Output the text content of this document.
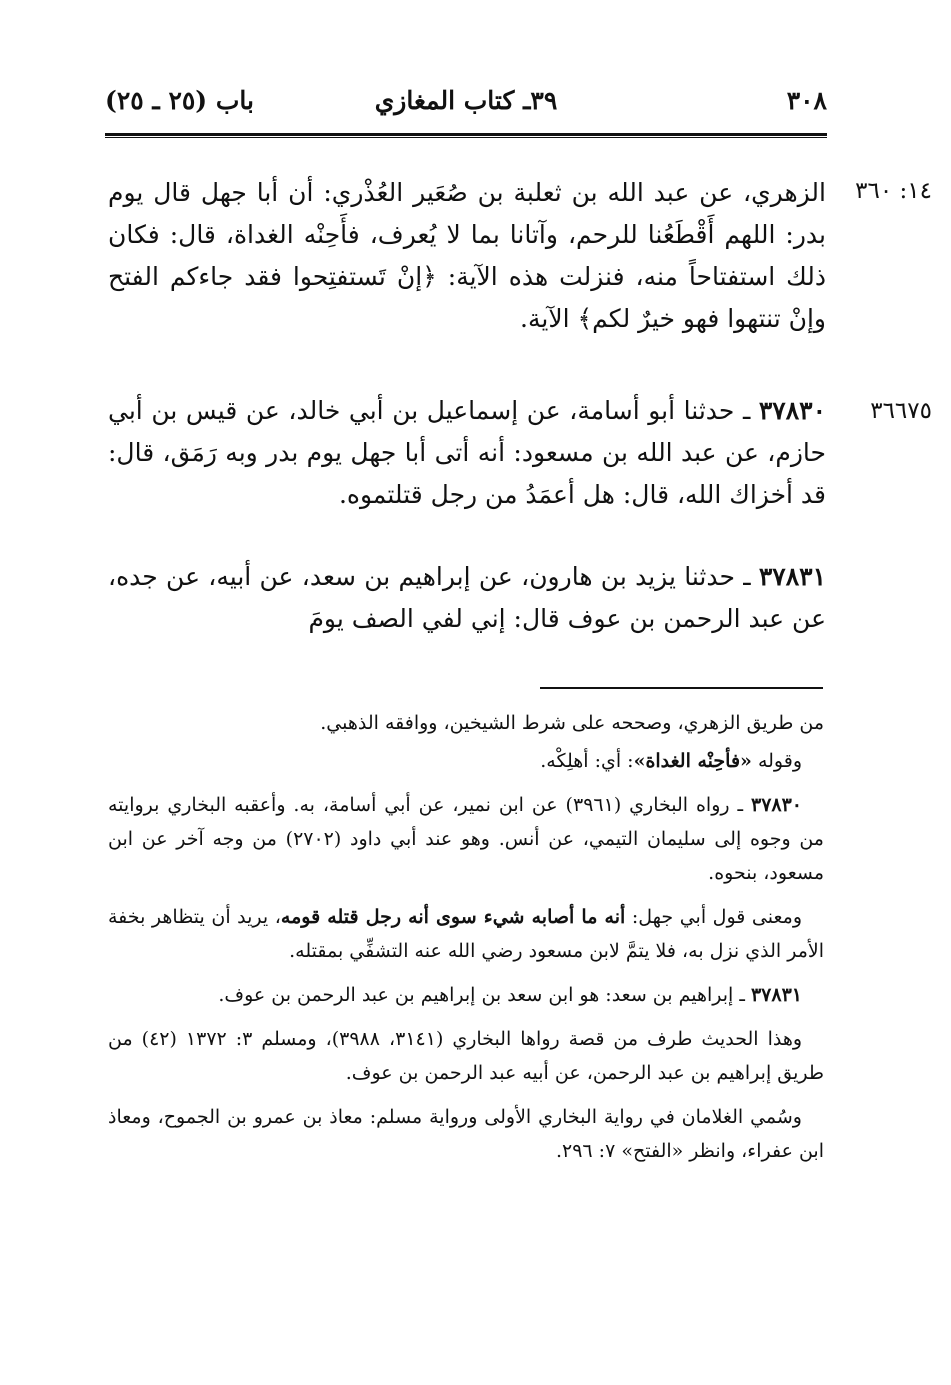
٣٠٨
٣٩ـ كتاب المغازي
باب (٢٥ ـ ٢٥)
١٤: ٣٦٠
الزهري، عن عبد الله بن ثعلبة بن صُعَير العُذْري: أن أبا جهل قال يوم بدر: اللهم أَقْطَعُنا للرحم، وآتانا بما لا يُعرف، فأَحِنْه الغداة، قال: فكان ذلك استفتاحاً منه، فنزلت هذه الآية: ﴿إنْ تَستفتِحوا فقد جاءكم الفتح وإنْ تنتهوا فهو خيرٌ لكم﴾ الآية.
٣٦٦٧٥
٣٧٨٣٠ ـ حدثنا أبو أسامة، عن إسماعيل بن أبي خالد، عن قيس بن أبي حازم، عن عبد الله بن مسعود: أنه أتى أبا جهل يوم بدر وبه رَمَق، قال: قد أخزاك الله، قال: هل أعمَدُ من رجل قتلتموه.
٣٧٨٣١ ـ حدثنا يزيد بن هارون، عن إبراهيم بن سعد، عن أبيه، عن جده، عن عبد الرحمن بن عوف قال: إني لفي الصف يومَ

من طريق الزهري، وصححه على شرط الشيخين، ووافقه الذهبي.

وقوله «فأحِنْه الغداة»: أي: أهلِكْه.

٣٧٨٣٠ ـ رواه البخاري (٣٩٦١) عن ابن نمير، عن أبي أسامة، به. وأعقبه البخاري بروايته من وجوه إلى سليمان التيمي، عن أنس. وهو عند أبي داود (٢٧٠٢) من وجه آخر عن ابن مسعود، بنحوه.

ومعنى قول أبي جهل: أنه ما أصابه شيء سوى أنه رجل قتله قومه، يريد أن يتظاهر بخفة الأمر الذي نزل به، فلا يتمَّ لابن مسعود رضي الله عنه التشفِّي بمقتله.

٣٧٨٣١ ـ إبراهيم بن سعد: هو ابن سعد بن إبراهيم بن عبد الرحمن بن عوف.

وهذا الحديث طرف من قصة رواها البخاري (٣١٤١، ٣٩٨٨)، ومسلم ٣: ١٣٧٢ (٤٢) من طريق إبراهيم بن عبد الرحمن، عن أبيه عبد الرحمن بن عوف.

وسُمي الغلامان في رواية البخاري الأولى ورواية مسلم: معاذ بن عمرو بن الجموح، ومعاذ ابن عفراء، وانظر «الفتح» ٧: ٢٩٦.
